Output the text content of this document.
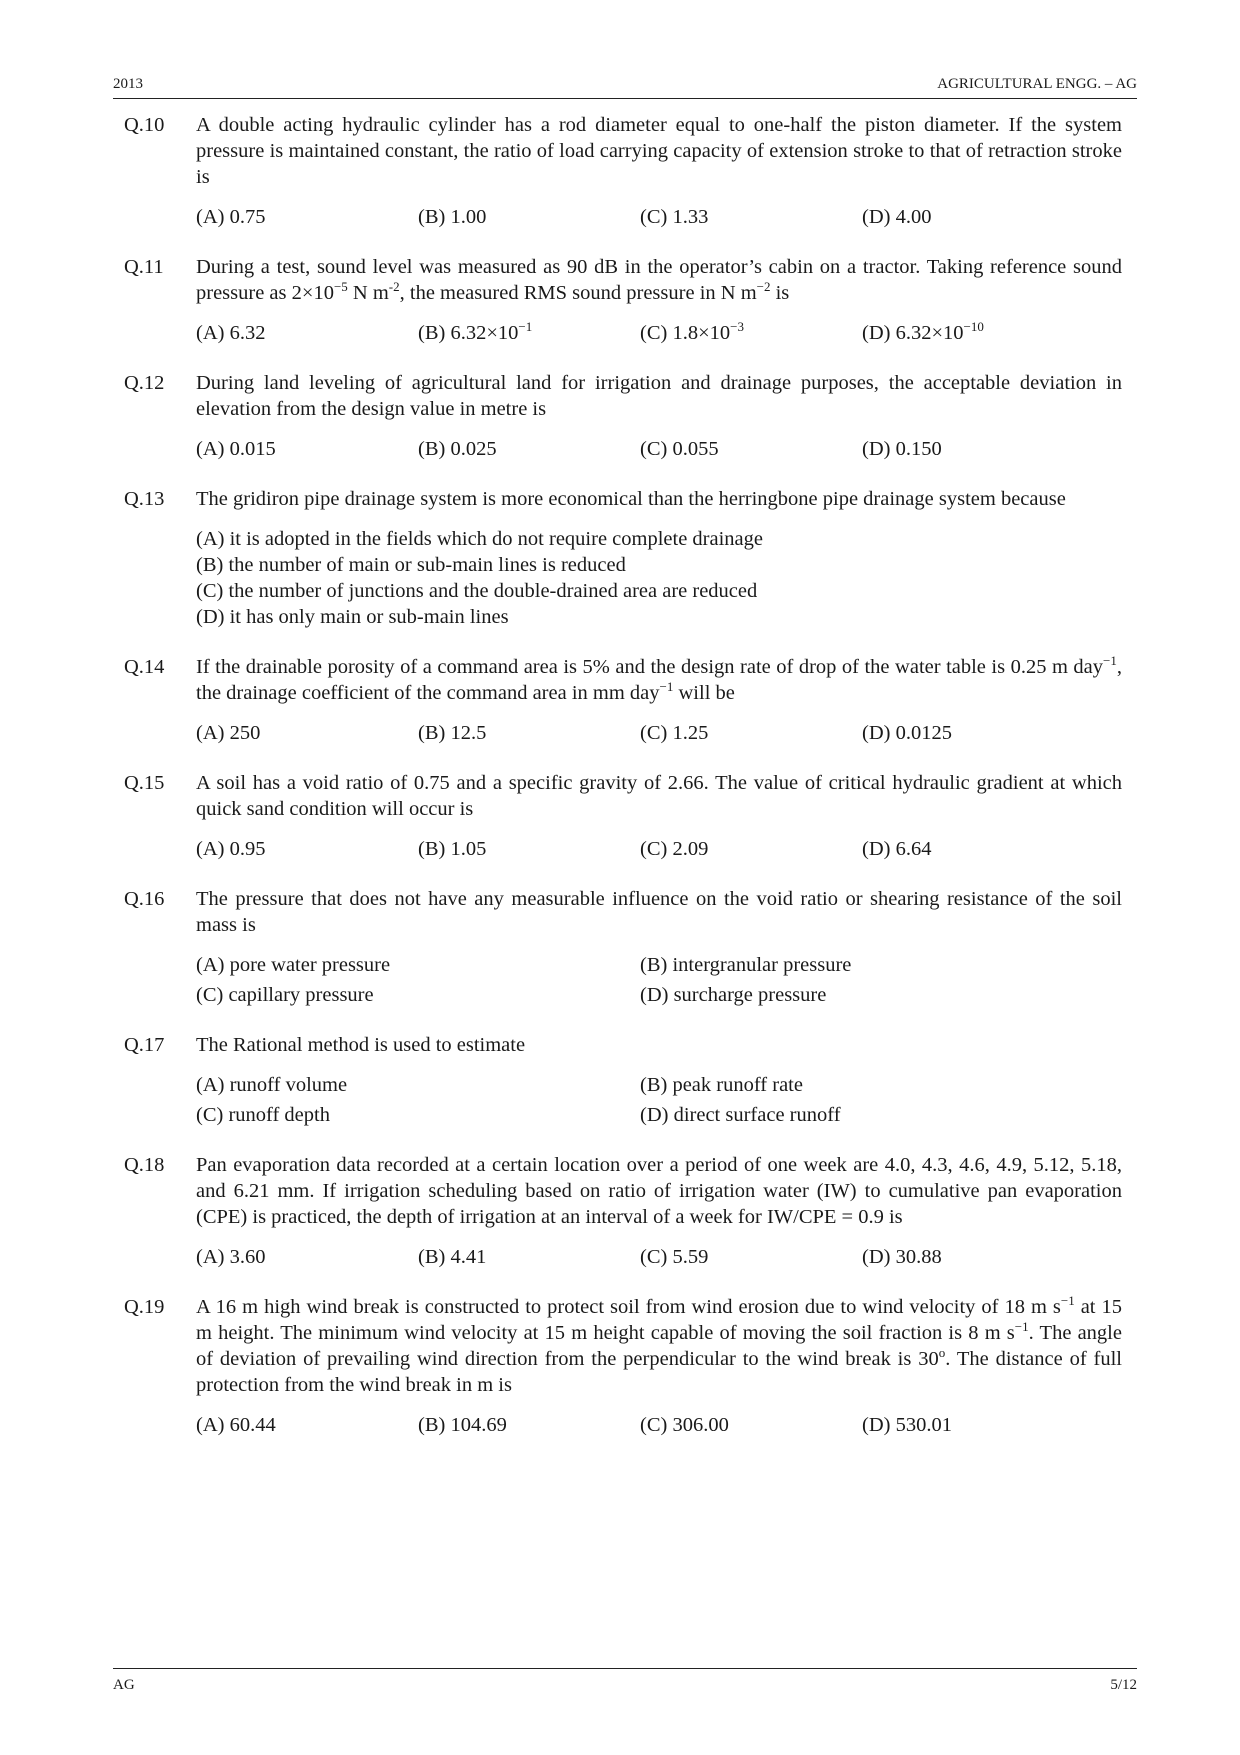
2013	AGRICULTURAL ENGG. – AG
Q.10 A double acting hydraulic cylinder has a rod diameter equal to one-half the piston diameter. If the system pressure is maintained constant, the ratio of load carrying capacity of extension stroke to that of retraction stroke is
(A) 0.75	(B) 1.00	(C) 1.33	(D) 4.00
Q.11 During a test, sound level was measured as 90 dB in the operator’s cabin on a tractor. Taking reference sound pressure as $2\times 10^{-5}$ N $m^{-2}$, the measured RMS sound pressure in N $m^{-2}$ is
(A) 6.32	(B) $6.32\times 10^{-1}$	(C) $1.8\times 10^{-3}$	(D) $6.32\times 10^{-10}$
Q.12 During land leveling of agricultural land for irrigation and drainage purposes, the acceptable deviation in elevation from the design value in metre is
(A) 0.015	(B) 0.025	(C) 0.055	(D) 0.150
Q.13 The gridiron pipe drainage system is more economical than the herringbone pipe drainage system because
(A) it is adopted in the fields which do not require complete drainage
(B) the number of main or sub-main lines is reduced
(C) the number of junctions and the double-drained area are reduced
(D) it has only main or sub-main lines
Q.14 If the drainable porosity of a command area is 5% and the design rate of drop of the water table is 0.25 m day$^{-1}$, the drainage coefficient of the command area in mm day$^{-1}$ will be
(A) 250	(B) 12.5	(C) 1.25	(D) 0.0125
Q.15 A soil has a void ratio of 0.75 and a specific gravity of 2.66. The value of critical hydraulic gradient at which quick sand condition will occur is
(A) 0.95	(B) 1.05	(C) 2.09	(D) 6.64
Q.16 The pressure that does not have any measurable influence on the void ratio or shearing resistance of the soil mass is
(A) pore water pressure	(B) intergranular pressure
(C) capillary pressure	(D) surcharge pressure
Q.17 The Rational method is used to estimate
(A) runoff volume	(B) peak runoff rate
(C) runoff depth	(D) direct surface runoff
Q.18 Pan evaporation data recorded at a certain location over a period of one week are 4.0, 4.3, 4.6, 4.9, 5.12, 5.18, and 6.21 mm. If irrigation scheduling based on ratio of irrigation water (IW) to cumulative pan evaporation (CPE) is practiced, the depth of irrigation at an interval of a week for IW/CPE = 0.9 is
(A) 3.60	(B) 4.41	(C) 5.59	(D) 30.88
Q.19 A 16 m high wind break is constructed to protect soil from wind erosion due to wind velocity of 18 m $s^{-1}$ at 15 m height. The minimum wind velocity at 15 m height capable of moving the soil fraction is 8 m $s^{-1}$. The angle of deviation of prevailing wind direction from the perpendicular to the wind break is 30$^o$. The distance of full protection from the wind break in m is
(A) 60.44	(B) 104.69	(C) 306.00	(D) 530.01
AG	5/12
